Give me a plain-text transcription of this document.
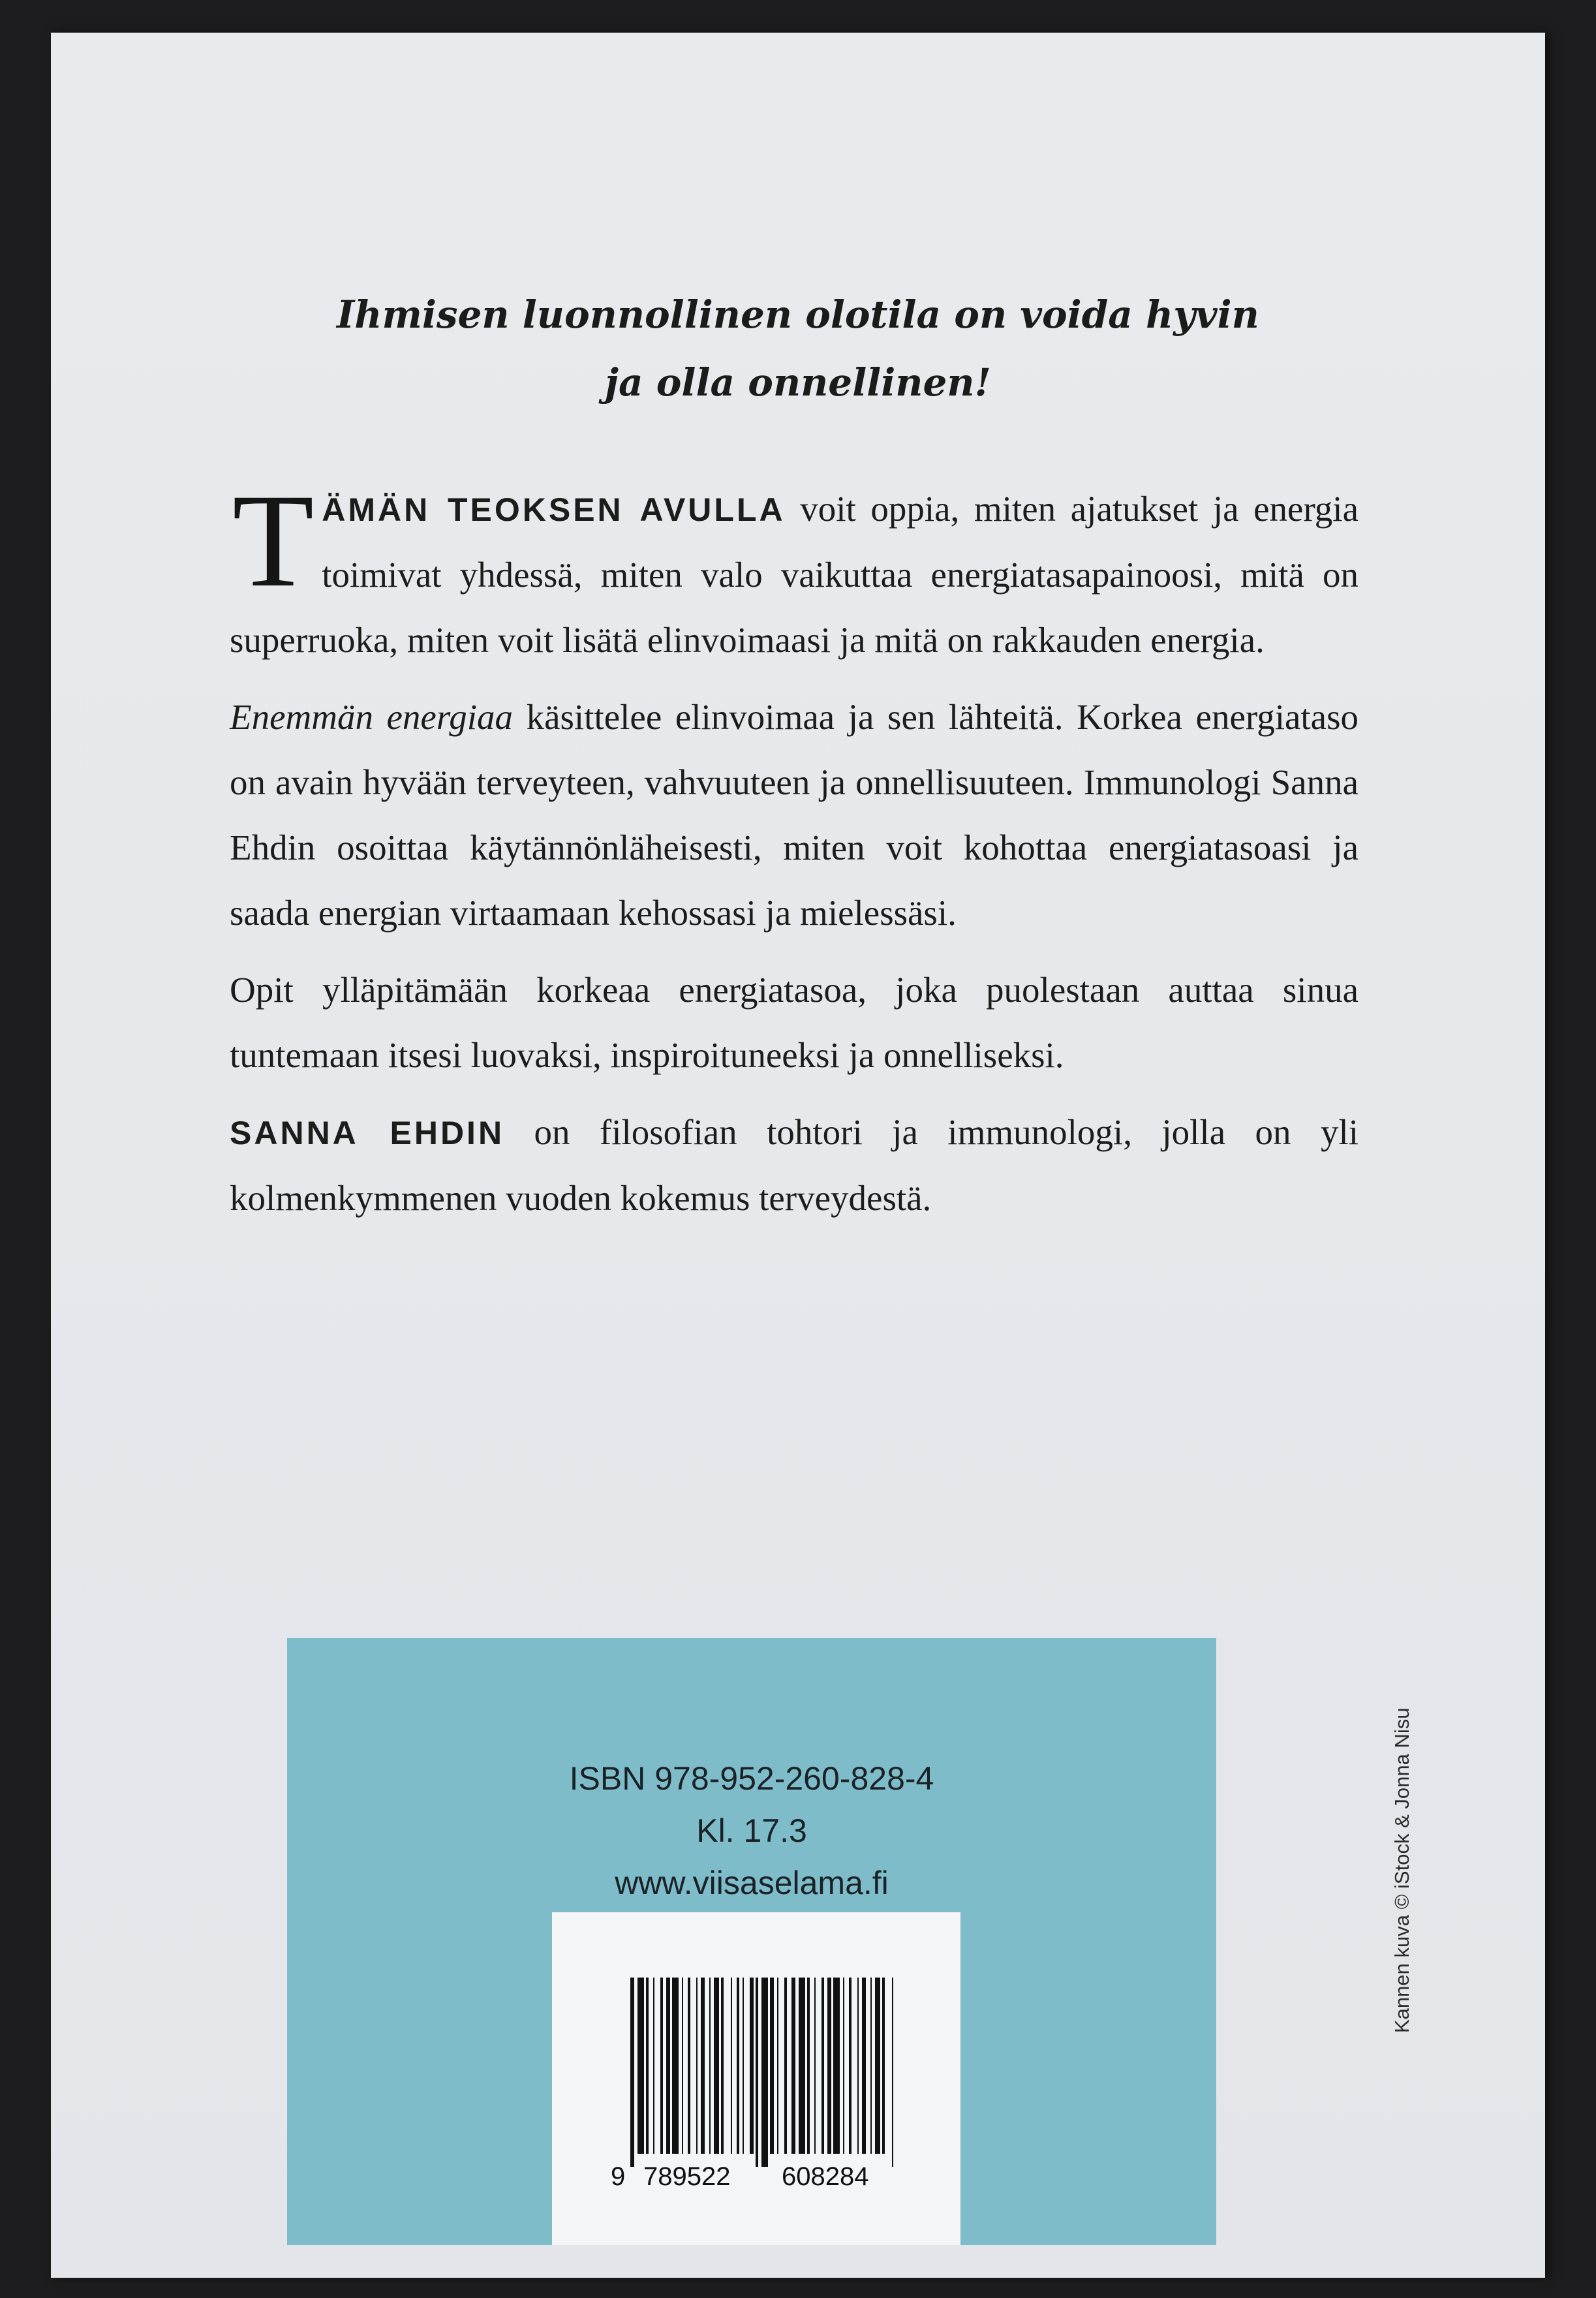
Ihmisen luonnollinen olotila on voida hyvin
ja olla onnellinen!

TÄMÄN TEOKSEN AVULLA voit oppia, miten ajatukset ja energia toimivat yhdessä, miten valo vaikuttaa energiatasapainoosi, mitä on superruoka, miten voit lisätä elinvoimaasi ja mitä on rakkauden energia.

Enemmän energiaa käsittelee elinvoimaa ja sen lähteitä. Korkea energiataso on avain hyvään terveyteen, vahvuuteen ja onnellisuuteen. Immunologi Sanna Ehdin osoittaa käytännönläheisesti, miten voit kohottaa energiatasoasi ja saada energian virtaamaan kehossasi ja mielessäsi.

Opit ylläpitämään korkeaa energiatasoa, joka puolestaan auttaa sinua tuntemaan itsesi luovaksi, inspiroituneeksi ja onnelliseksi.

SANNA EHDIN on filosofian tohtori ja immunologi, jolla on yli kolmenkymmenen vuoden kokemus terveydestä.

Kannen kuva © iStock & Jonna Nisu
ISBN 978-952-260-828-4
Kl. 17.3
www.viisaselama.fi
9 789522 608284
